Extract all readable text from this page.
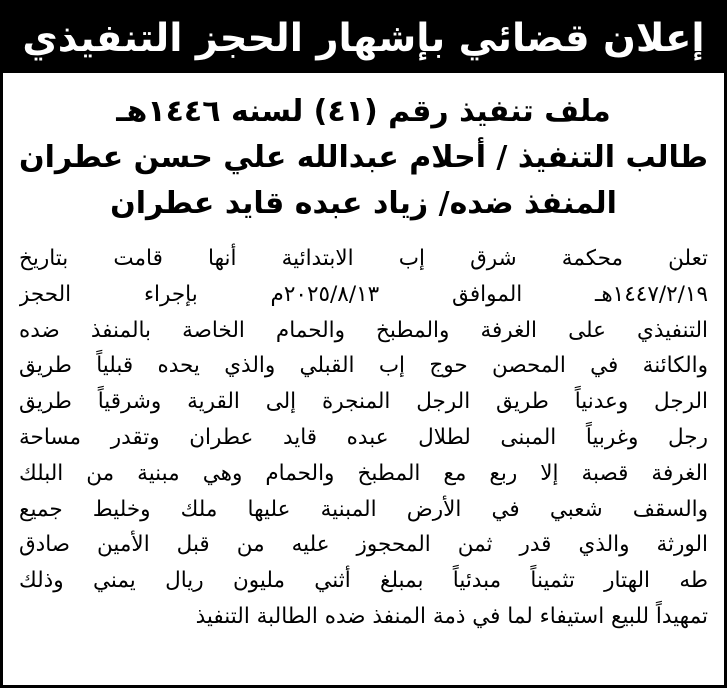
إعلان قضائي بإشهار الحجز التنفيذي
ملف تنفيذ رقم (٤١) لسنه ١٤٤٦هـ
طالب التنفيذ / أحلام عبدالله علي حسن عطران
المنفذ ضده/ زياد عبده قايد عطران
تعلن محكمة شرق إب الابتدائية أنها قامت بتاريخ
١٤٤٧/٢/١٩هـ الموافق ٢٠٢٥/٨/١٣م بإجراء الحجز
التنفيذي على الغرفة والمطبخ والحمام الخاصة بالمنفذ ضده
والكائنة في المحصن حوج إب القبلي والذي يحده قبلياً طريق
الرجل وعدنياً طريق الرجل المنجرة إلى القرية وشرقياً طريق
رجل وغربياً المبنى لطلال عبده قايد عطران وتقدر مساحة
الغرفة قصبة إلا ربع مع المطبخ والحمام وهي مبنية من البلك
والسقف شعبي في الأرض المبنية عليها ملك وخليط جميع
الورثة والذي قدر ثمن المحجوز عليه من قبل الأمين صادق
طه الهتار تثميناً مبدئياً بمبلغ أثني مليون ريال يمني وذلك
تمهيداً للبيع استيفاء لما في ذمة المنفذ ضده الطالبة التنفيذ
